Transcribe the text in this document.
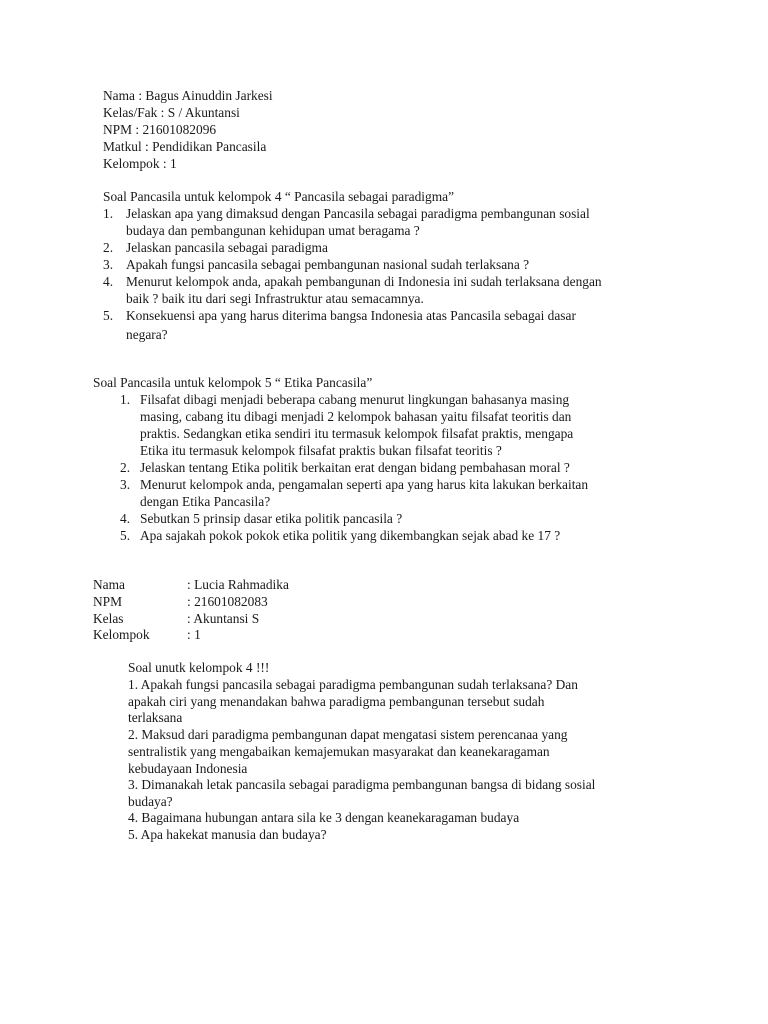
Nama : Bagus Ainuddin Jarkesi
Kelas/Fak : S / Akuntansi
NPM : 21601082096
Matkul : Pendidikan Pancasila
Kelompok : 1
Soal Pancasila untuk kelompok 4 “ Pancasila sebagai paradigma”
1. Jelaskan apa yang dimaksud dengan Pancasila sebagai paradigma pembangunan sosial
budaya dan pembangunan kehidupan umat beragama ?
2. Jelaskan pancasila sebagai paradigma
3. Apakah fungsi pancasila sebagai pembangunan nasional sudah terlaksana ?
4. Menurut kelompok anda, apakah pembangunan di Indonesia ini sudah terlaksana dengan
baik ? baik itu dari segi Infrastruktur atau semacamnya.
5. Konsekuensi apa yang harus diterima bangsa Indonesia atas Pancasila sebagai dasar
negara?
Soal Pancasila untuk kelompok 5 “ Etika Pancasila”
1. Filsafat dibagi menjadi beberapa cabang menurut lingkungan bahasanya masing
masing, cabang itu dibagi menjadi 2 kelompok bahasan yaitu filsafat teoritis dan
praktis. Sedangkan etika sendiri itu termasuk kelompok filsafat praktis, mengapa
Etika itu termasuk kelompok filsafat praktis bukan filsafat teoritis ?
2. Jelaskan tentang Etika politik berkaitan erat dengan bidang pembahasan moral ?
3. Menurut kelompok anda, pengamalan seperti apa yang harus kita lakukan berkaitan
dengan Etika Pancasila?
4. Sebutkan 5 prinsip dasar etika politik pancasila ?
5. Apa sajakah pokok pokok etika politik yang dikembangkan sejak abad ke 17 ?
Nama	: Lucia Rahmadika
NPM	: 21601082083
Kelas	: Akuntansi S
Kelompok	: 1
Soal unutk kelompok 4 !!!
1. Apakah fungsi pancasila sebagai paradigma pembangunan sudah terlaksana? Dan
apakah ciri yang menandakan bahwa paradigma pembangunan tersebut sudah
terlaksana
2. Maksud dari paradigma pembangunan dapat mengatasi sistem perencanaa yang
sentralistik yang mengabaikan kemajemukan masyarakat dan keanekaragaman
kebudayaan Indonesia
3. Dimanakah letak pancasila sebagai paradigma pembangunan bangsa di bidang sosial
budaya?
4. Bagaimana hubungan antara sila ke 3 dengan keanekaragaman budaya
5. Apa hakekat manusia dan budaya?
